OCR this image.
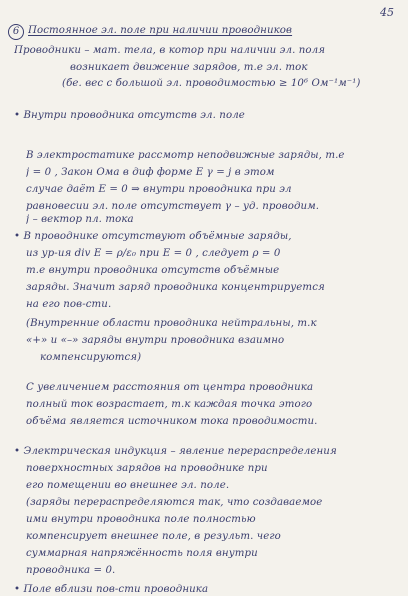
45
6 Постоянное эл. поле при наличии проводников
Проводники – мат. тела, в котор при наличии эл. поля
возникает движение зарядов, т.е эл. ток
(бе. вес с большой эл. проводимостью ≥ 10⁶ Ом⁻¹м⁻¹)
• Внутри проводника отсутств эл. поле
В электростатике рассмотр неподвижные заряды, т.е
j = 0 , Закон Ома в диф форме E γ = j в этом
случае даёт E = 0 ⇒ внутри проводника при эл
равновесии эл. поле отсутствует γ – уд. проводим.
j – вектор пл. тока
• В проводнике отсутствуют объёмные заряды,
из ур-ия div E = ρ/ε₀ при E = 0 , следует ρ = 0
т.е внутри проводника отсутств объёмные
заряды. Значит заряд проводника концентрируется
на его пов-сти.
(Внутренние области проводника нейтральны, т.к
«+» и «–» заряды внутри проводника взаимно
компенсируются)
С увеличением расстояния от центра проводника
полный ток возрастает, т.к каждая точка этого
объёма является источником тока проводимости.
• Электрическая индукция – явление перераспределения
поверхностных зарядов на проводнике при
его помещении во внешнее эл. поле.
(заряды перераспределяются так, что создаваемое
ими внутри проводника поле полностью
компенсирует внешнее поле, в результ. чего
суммарная напряжённость поля внутри
проводника = 0.
• Поле вблизи пов-сти проводника
